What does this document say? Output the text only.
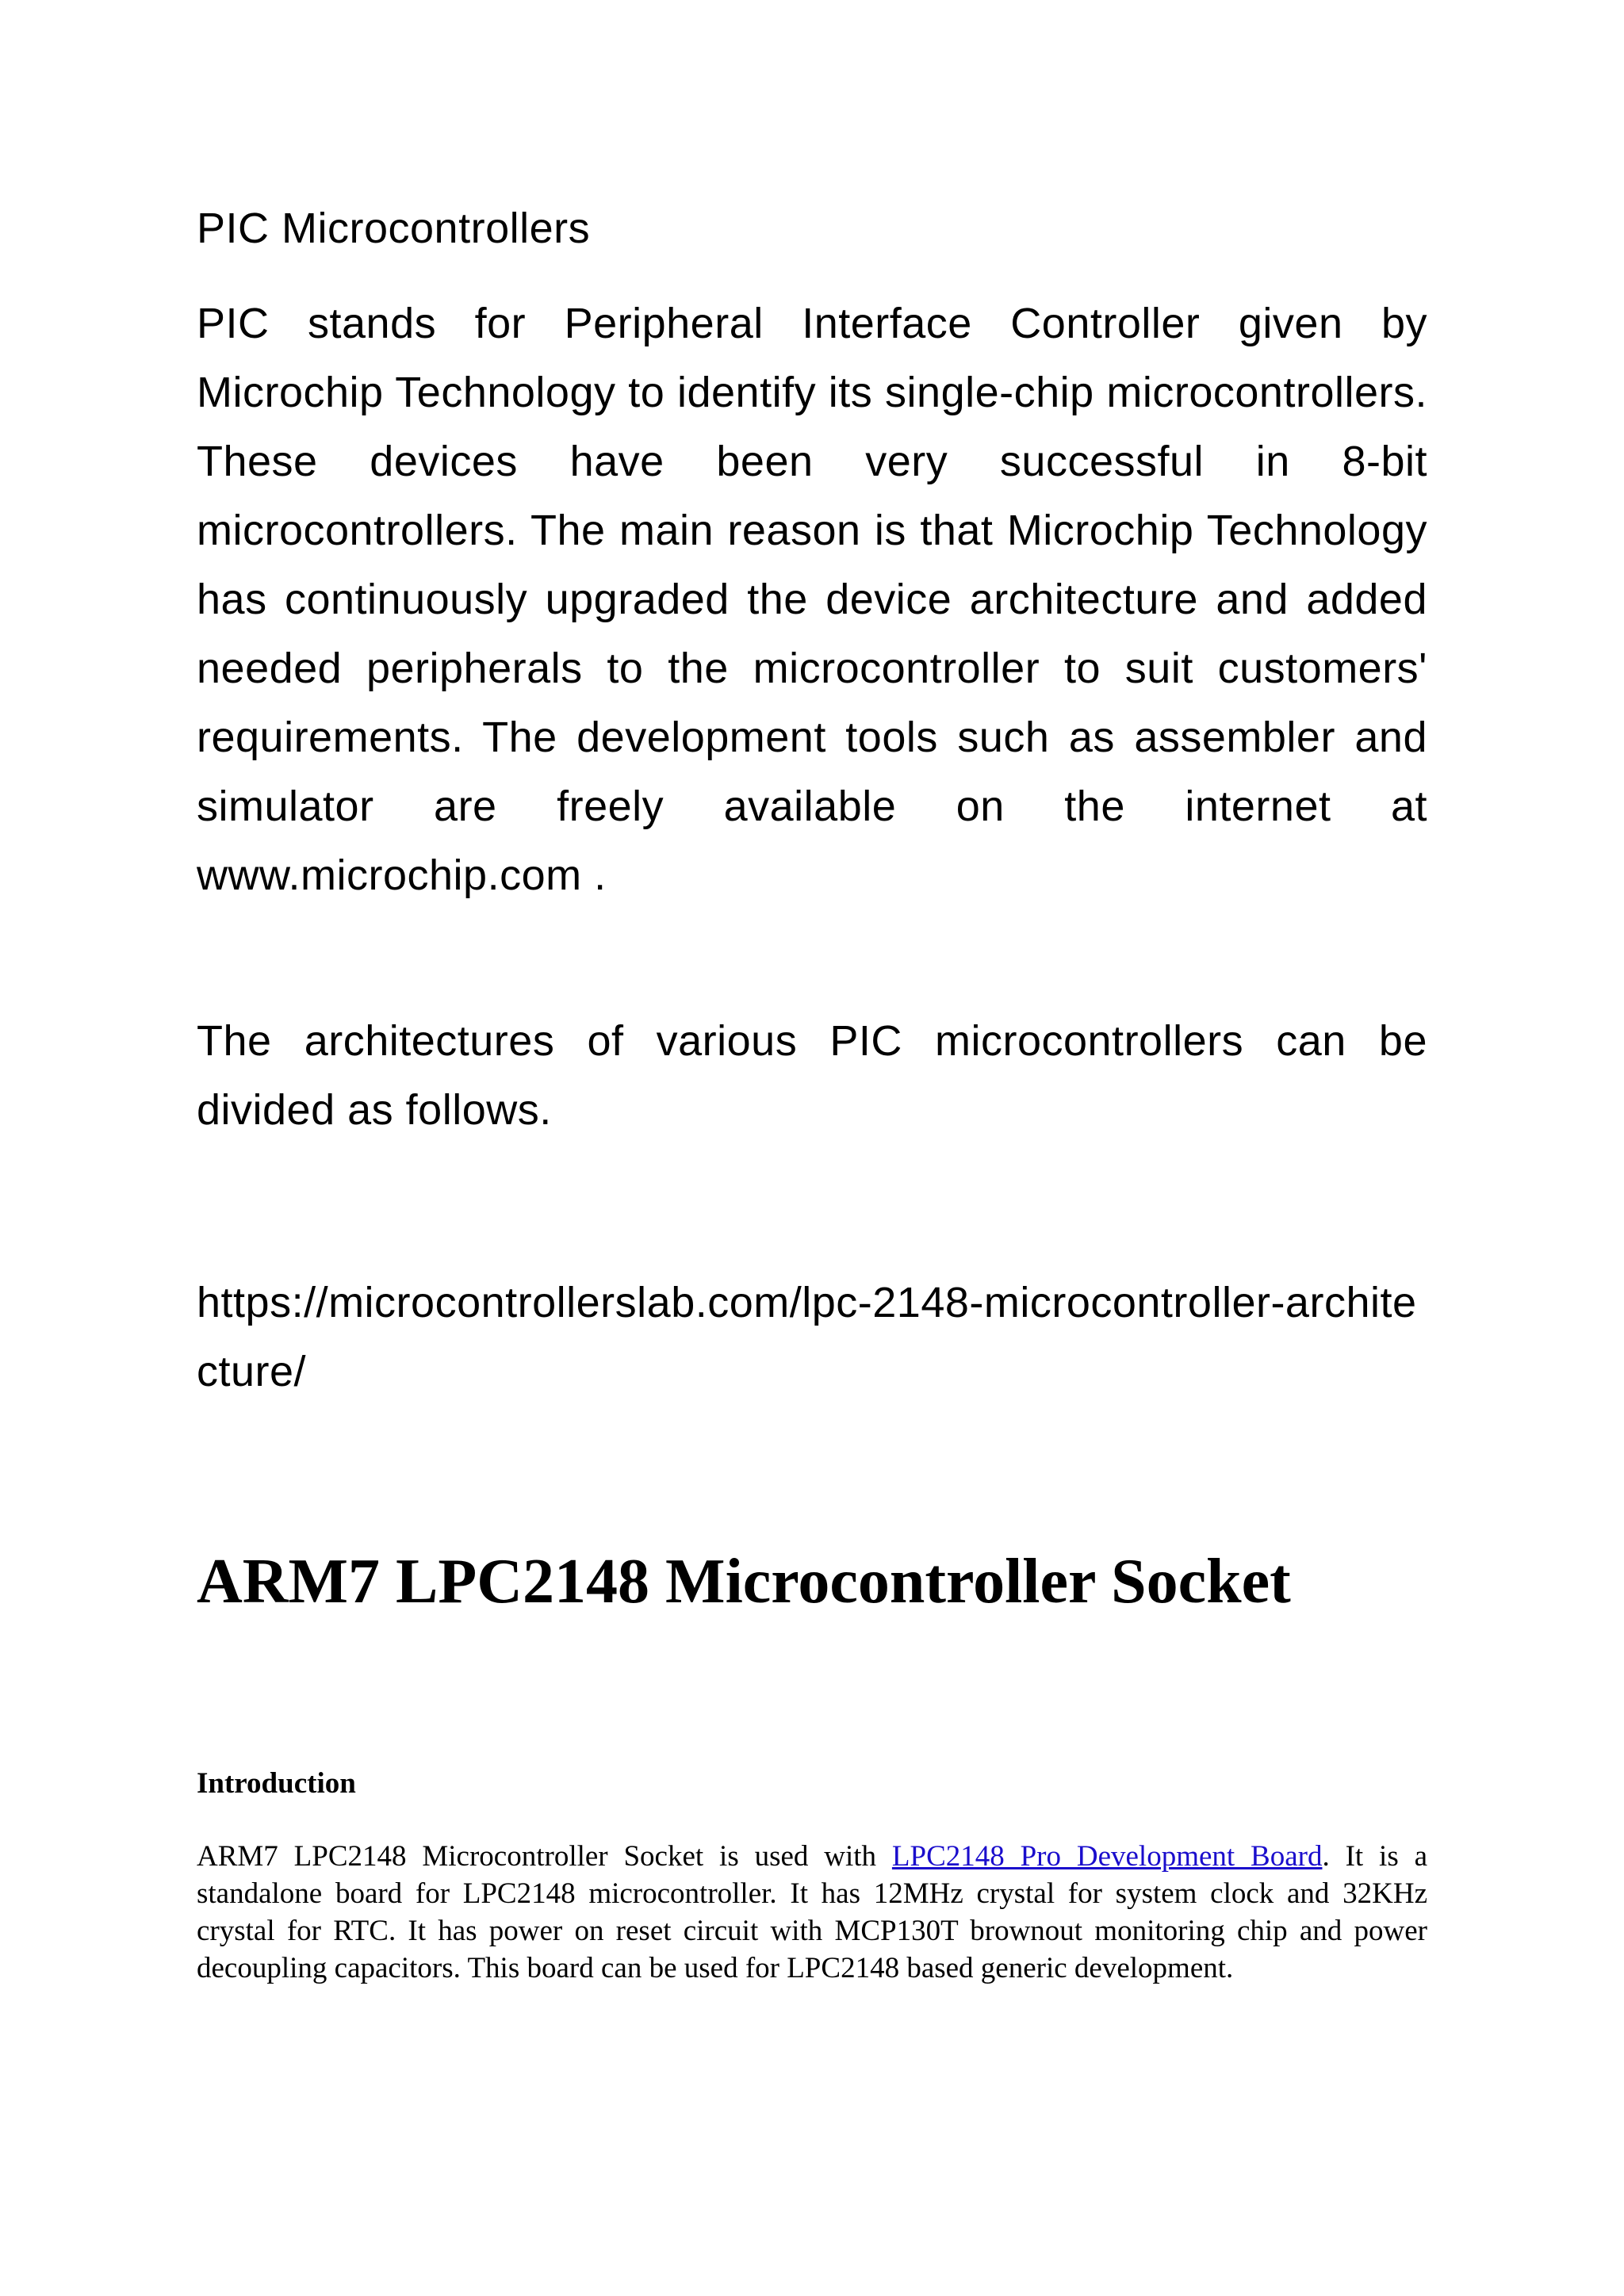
PIC Microcontrollers
PIC stands for Peripheral Interface Controller given by Microchip Technology to identify its single-chip microcontrollers. These devices have been very successful in 8-bit microcontrollers. The main reason is that Microchip Technology has continuously upgraded the device architecture and added needed peripherals to the microcontroller to suit customers' requirements. The development tools such as assembler and simulator are freely available on the internet at www.microchip.com .
The architectures of various PIC microcontrollers can be divided as follows.
https://microcontrollerslab.com/lpc-2148-microcontroller-architecture/
ARM7 LPC2148 Microcontroller Socket
Introduction
ARM7 LPC2148 Microcontroller Socket is used with LPC2148 Pro Development Board. It is a standalone board for LPC2148 microcontroller. It has 12MHz crystal for system clock and 32KHz crystal for RTC. It has power on reset circuit with MCP130T brownout monitoring chip and power decoupling capacitors. This board can be used for LPC2148 based generic development.
